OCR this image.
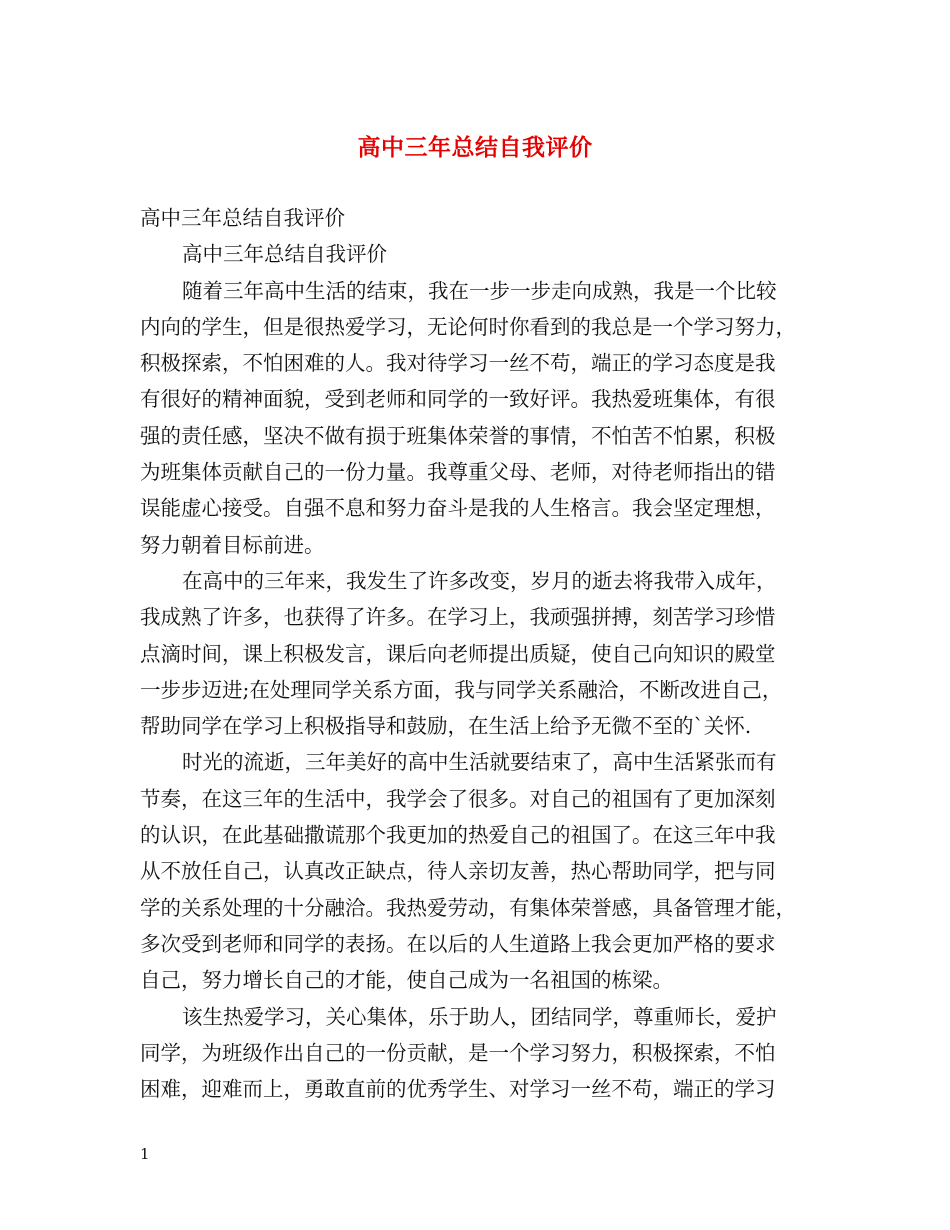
高中三年总结自我评价

高中三年总结自我评价

高中三年总结自我评价

随着三年高中生活的结束，我在一步一步走向成熟，我是一个比较

内向的学生，但是很热爱学习，无论何时你看到的我总是一个学习努力，

积极探索，不怕困难的人。我对待学习一丝不苟，端正的学习态度是我

有很好的精神面貌，受到老师和同学的一致好评。我热爱班集体，有很

强的责任感，坚决不做有损于班集体荣誉的事情，不怕苦不怕累，积极

为班集体贡献自己的一份力量。我尊重父母、老师，对待老师指出的错

误能虚心接受。自强不息和努力奋斗是我的人生格言。我会坚定理想，

努力朝着目标前进。

在高中的三年来，我发生了许多改变，岁月的逝去将我带入成年，

我成熟了许多，也获得了许多。在学习上，我顽强拼搏，刻苦学习珍惜

点滴时间，课上积极发言，课后向老师提出质疑，使自己向知识的殿堂

一步步迈进;在处理同学关系方面，我与同学关系融洽，不断改进自己，

帮助同学在学习上积极指导和鼓励，在生活上给予无微不至的`关怀.

时光的流逝，三年美好的高中生活就要结束了，高中生活紧张而有

节奏，在这三年的生活中，我学会了很多。对自己的祖国有了更加深刻

的认识，在此基础撒谎那个我更加的热爱自己的祖国了。在这三年中我

从不放任自己，认真改正缺点，待人亲切友善，热心帮助同学，把与同

学的关系处理的十分融洽。我热爱劳动，有集体荣誉感，具备管理才能，

多次受到老师和同学的表扬。在以后的人生道路上我会更加严格的要求

自己，努力增长自己的才能，使自己成为一名祖国的栋梁。

该生热爱学习，关心集体，乐于助人，团结同学，尊重师长，爱护

同学，为班级作出自己的一份贡献，是一个学习努力，积极探索，不怕

困难，迎难而上，勇敢直前的优秀学生、对学习一丝不苟，端正的学习

1
